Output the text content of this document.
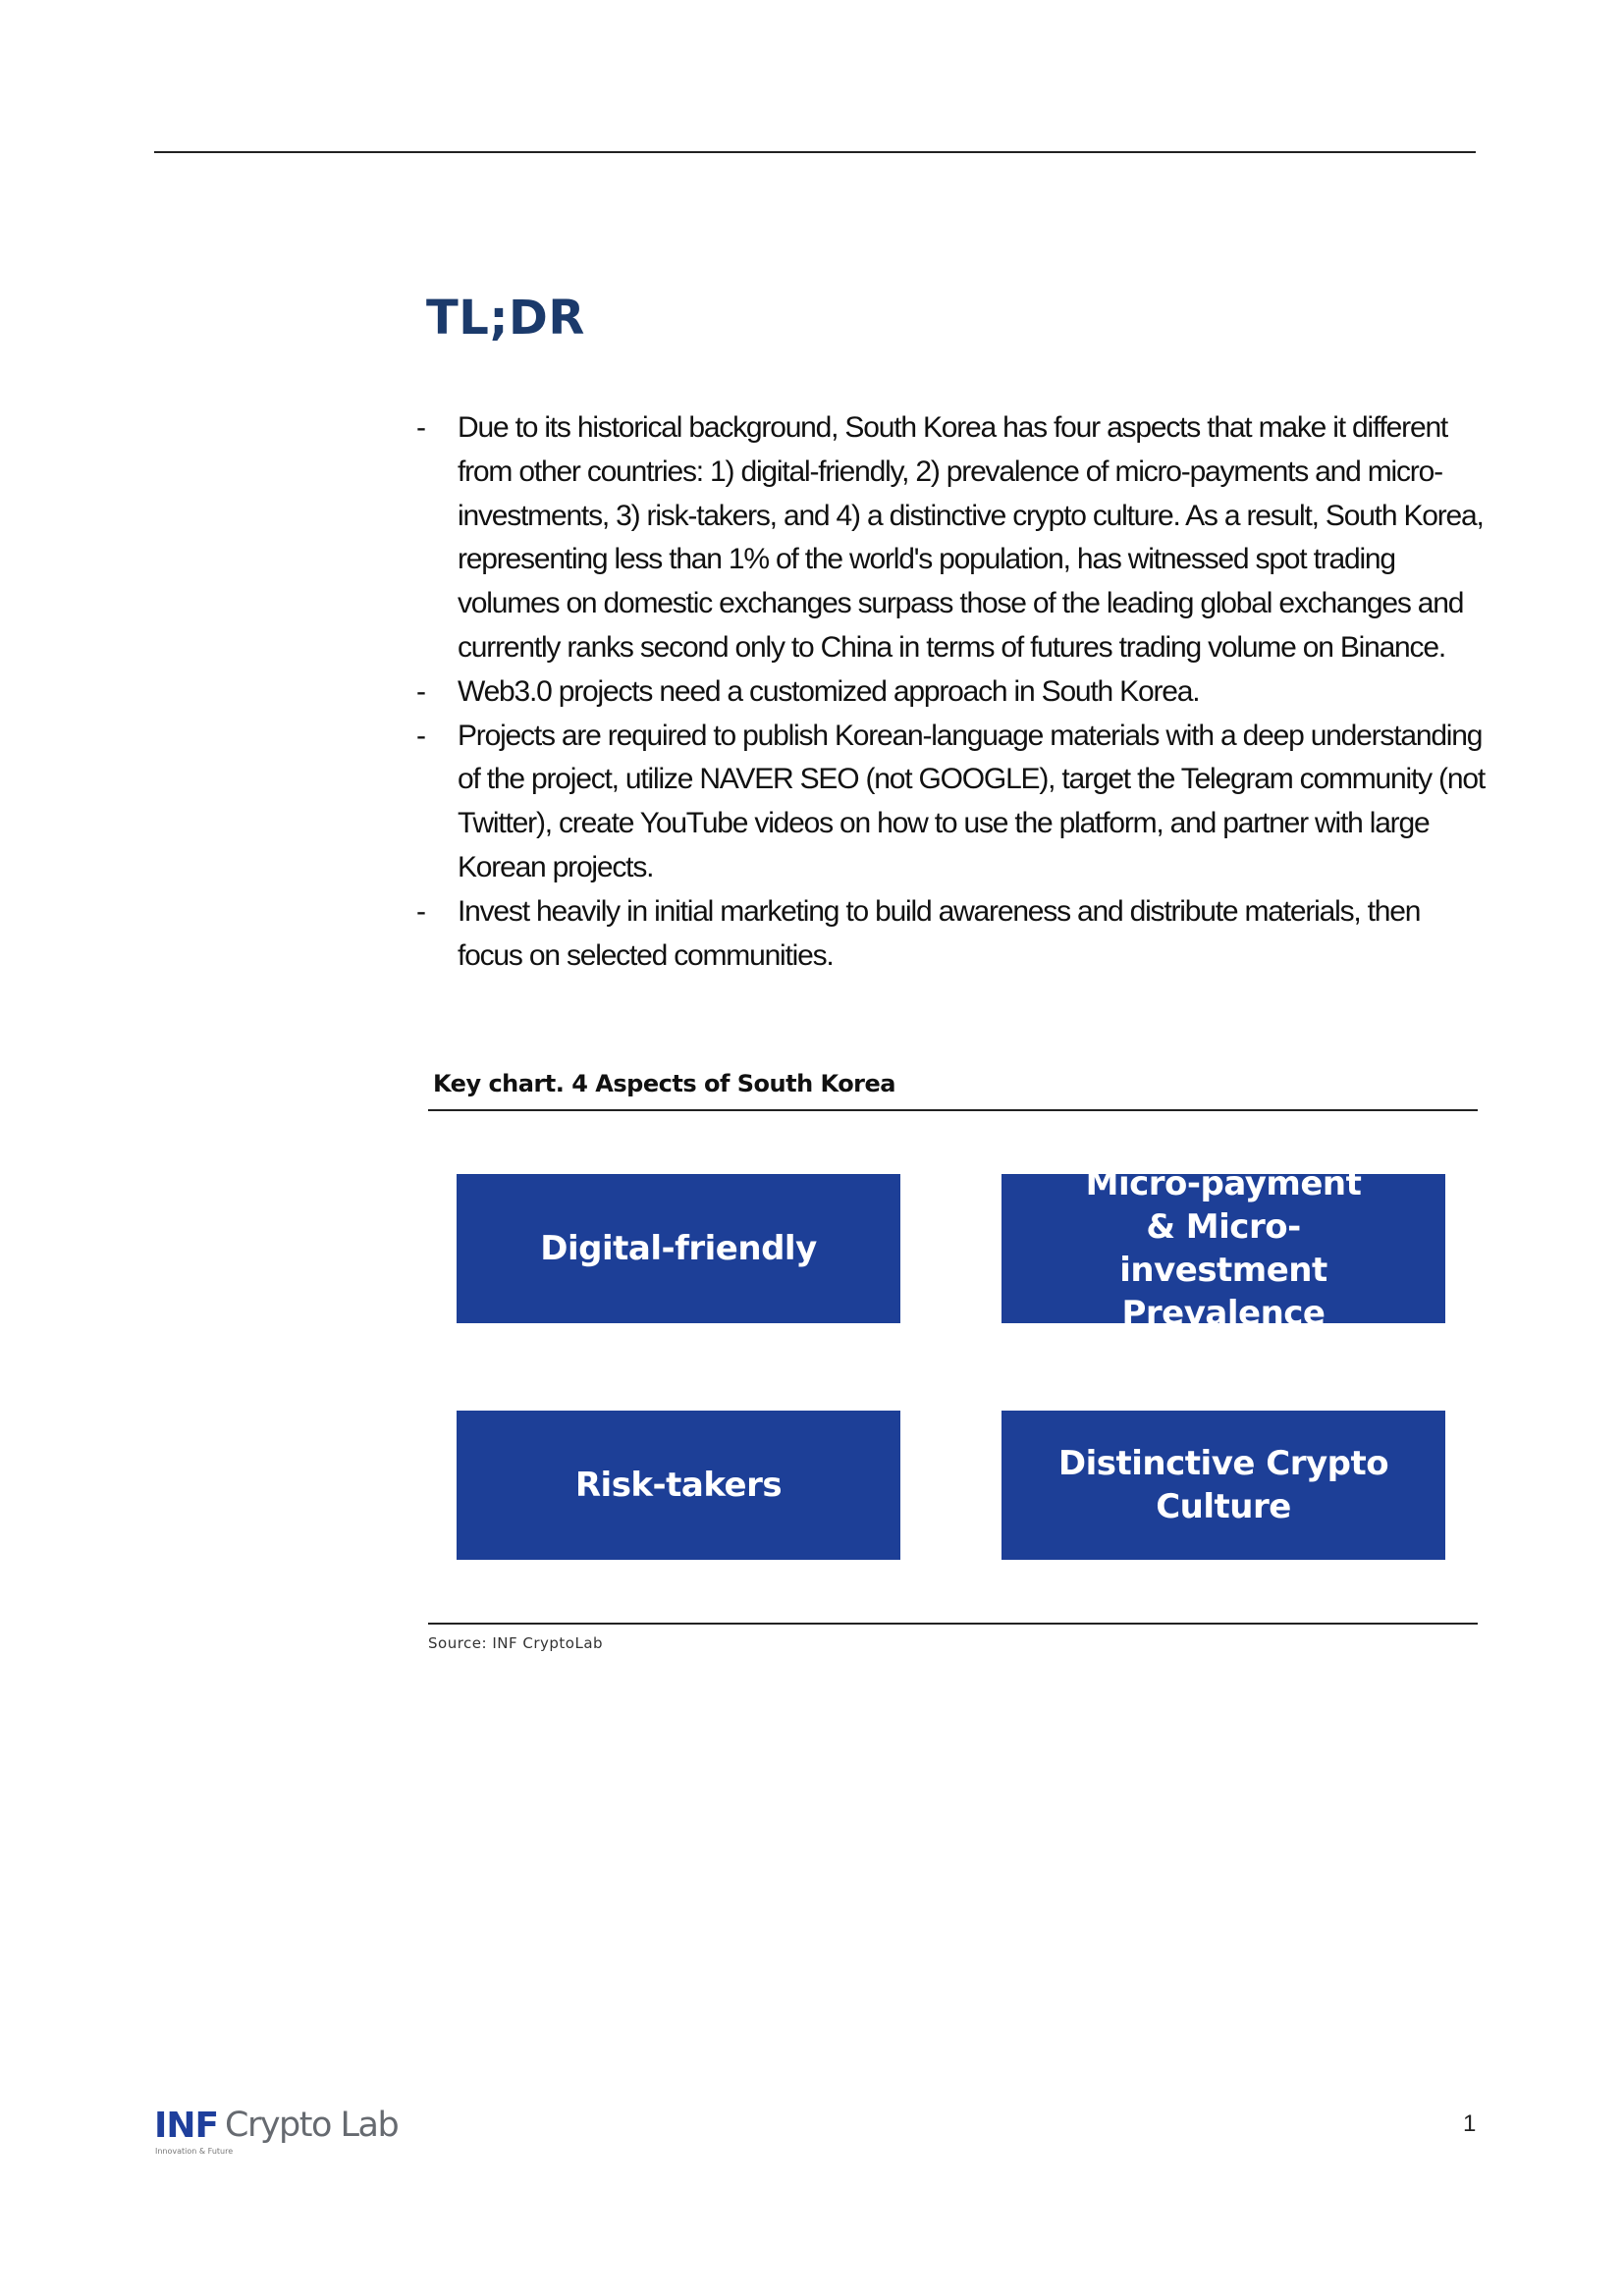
TL;DR
-	Due to its historical background, South Korea has four aspects that make it different from other countries: 1) digital-friendly, 2) prevalence of micro-payments and micro-investments, 3) risk-takers, and 4) a distinctive crypto culture. As a result, South Korea, representing less than 1% of the world's population, has witnessed spot trading volumes on domestic exchanges surpass those of the leading global exchanges and currently ranks second only to China in terms of futures trading volume on Binance.
-	Web3.0 projects need a customized approach in South Korea.
-	Projects are required to publish Korean-language materials with a deep understanding of the project, utilize NAVER SEO (not GOOGLE), target the Telegram community (not Twitter), create YouTube videos on how to use the platform, and partner with large Korean projects.
-	Invest heavily in initial marketing to build awareness and distribute materials, then focus on selected communities.

Key chart. 4 Aspects of South Korea

Digital-friendly
Micro-payment & Micro-investment Prevalence
Risk-takers
Distinctive Crypto Culture

Source: INF CryptoLab

INF Crypto Lab
Innovation & Future

1
